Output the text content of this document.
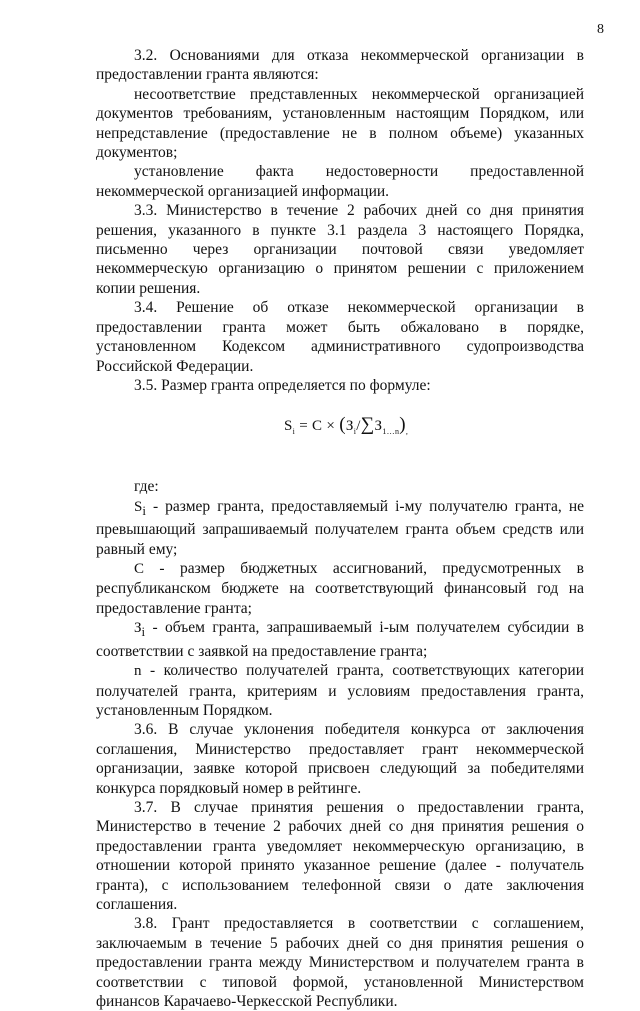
8

3.2. Основаниями для отказа некоммерческой организации в предоставлении гранта являются:

несоответствие представленных некоммерческой организацией документов требованиям, установленным настоящим Порядком, или непредставление (предоставление не в полном объеме) указанных документов;

установление факта недостоверности предоставленной некоммерческой организацией информации.

3.3. Министерство в течение 2 рабочих дней со дня принятия решения, указанного в пункте 3.1 раздела 3 настоящего Порядка, письменно через организации почтовой связи уведомляет некоммерческую организацию о принятом решении с приложением копии решения.

3.4. Решение об отказе некоммерческой организации в предоставлении гранта может быть обжаловано в порядке, установленном Кодексом административного судопроизводства Российской Федерации.

3.5. Размер гранта определяется по формуле:

$S_i = C \times (З_i/\sum З_{1\dots n})_,$

где:

$S_i$ - размер гранта, предоставляемый i-му получателю гранта, не превышающий запрашиваемый получателем гранта объем средств или равный ему;

C - размер бюджетных ассигнований, предусмотренных в республиканском бюджете на соответствующий финансовый год на предоставление гранта;

$З_i$ - объем гранта, запрашиваемый i-ым получателем субсидии в соответствии с заявкой на предоставление гранта;

n - количество получателей гранта, соответствующих категории получателей гранта, критериям и условиям предоставления гранта, установленным Порядком.

3.6. В случае уклонения победителя конкурса от заключения соглашения, Министерство предоставляет грант некоммерческой организации, заявке которой присвоен следующий за победителями конкурса порядковый номер в рейтинге.

3.7. В случае принятия решения о предоставлении гранта, Министерство в течение 2 рабочих дней со дня принятия решения о предоставлении гранта уведомляет некоммерческую организацию, в отношении которой принято указанное решение (далее - получатель гранта), с использованием телефонной связи о дате заключения соглашения.

3.8. Грант предоставляется в соответствии с соглашением, заключаемым в течение 5 рабочих дней со дня принятия решения о предоставлении гранта между Министерством и получателем гранта в соответствии с типовой формой, установленной Министерством финансов Карачаево-Черкесской Республики.
